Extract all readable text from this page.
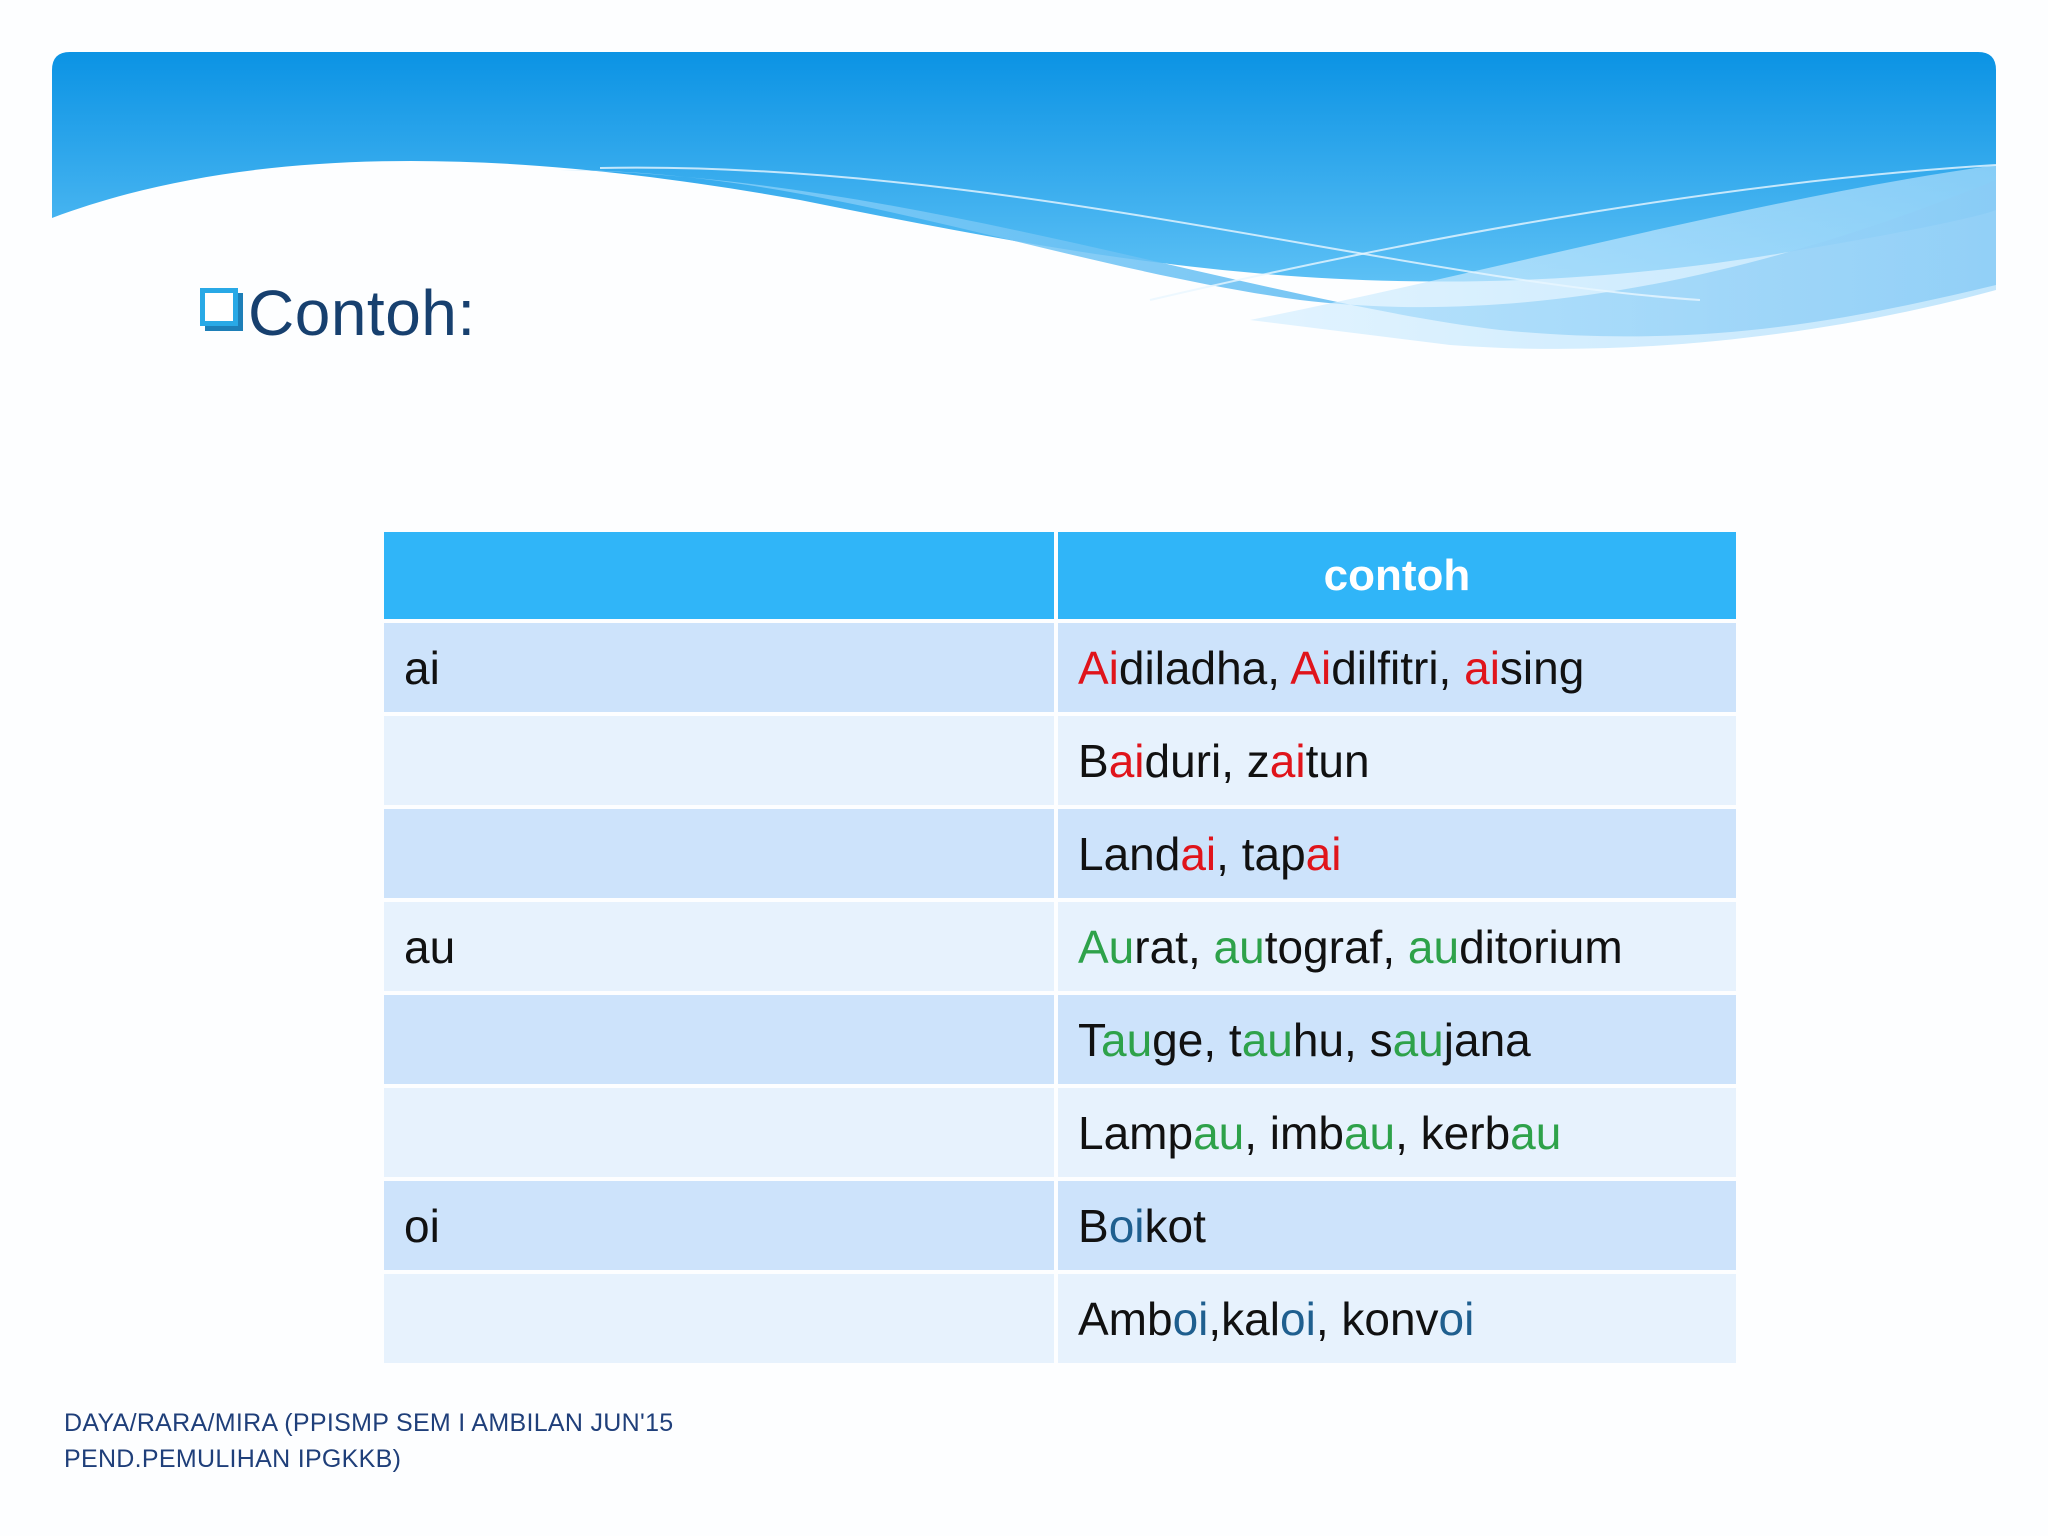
Contoh:
	contoh
ai	Aidiladha, Aidilfitri, aising
	Baiduri, zaitun
	Landai, tapai
au	Aurat, autograf, auditorium
	Tauge, tauhu, saujana
	Lampau, imbau, kerbau
oi	Boikot
	Amboi,kaloi, konvoi
DAYA/RARA/MIRA (PPISMP SEM I AMBILAN JUN'15
PEND.PEMULIHAN IPGKKB)
